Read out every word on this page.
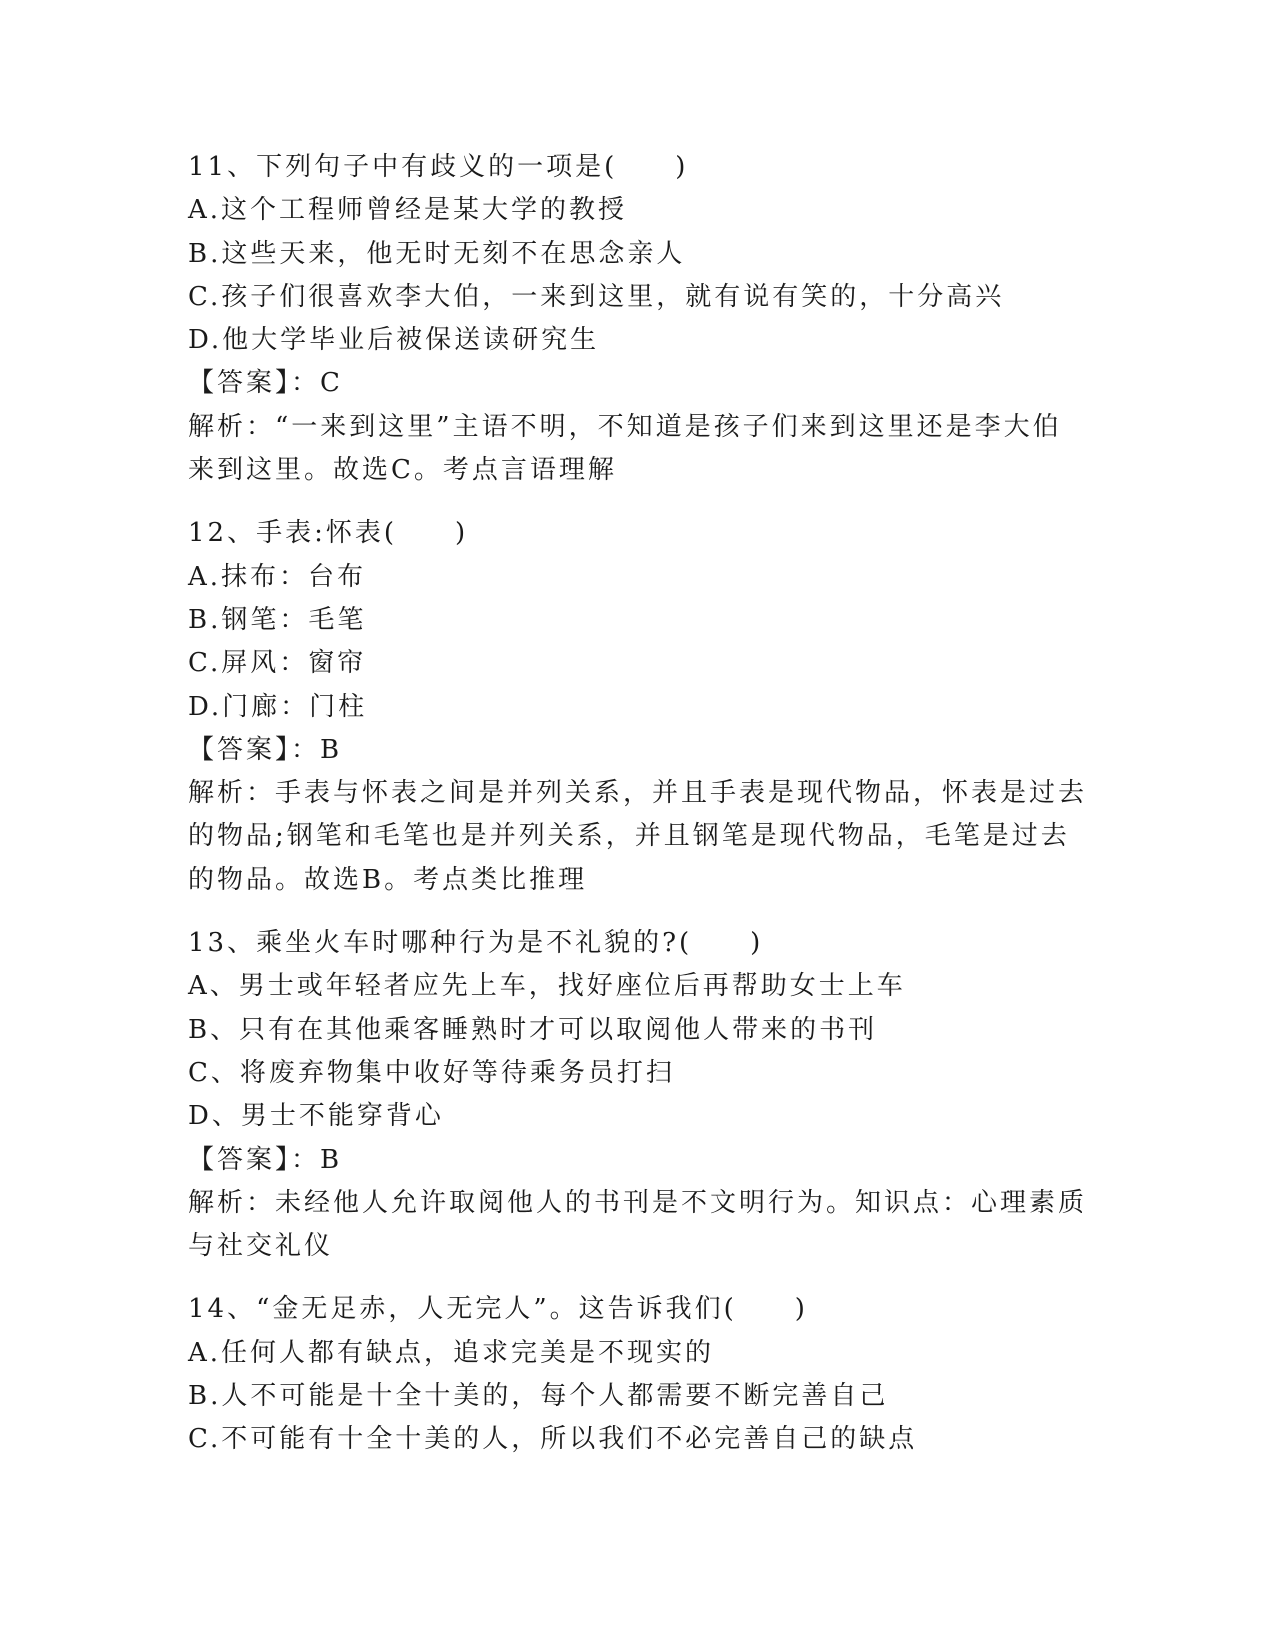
11、下列句子中有歧义的一项是(　　)
A.这个工程师曾经是某大学的教授
B.这些天来，他无时无刻不在思念亲人
C.孩子们很喜欢李大伯，一来到这里，就有说有笑的，十分高兴
D.他大学毕业后被保送读研究生
【答案】：C
解析：“一来到这里”主语不明，不知道是孩子们来到这里还是李大伯来到这里。故选C。考点言语理解
12、手表:怀表(　　)
A.抹布：台布
B.钢笔：毛笔
C.屏风：窗帘
D.门廊：门柱
【答案】：B
解析：手表与怀表之间是并列关系，并且手表是现代物品，怀表是过去的物品;钢笔和毛笔也是并列关系，并且钢笔是现代物品，毛笔是过去的物品。故选B。考点类比推理
13、乘坐火车时哪种行为是不礼貌的?(　　)
A、男士或年轻者应先上车，找好座位后再帮助女士上车
B、只有在其他乘客睡熟时才可以取阅他人带来的书刊
C、将废弃物集中收好等待乘务员打扫
D、男士不能穿背心
【答案】：B
解析：未经他人允许取阅他人的书刊是不文明行为。知识点：心理素质与社交礼仪
14、“金无足赤，人无完人”。这告诉我们(　　)
A.任何人都有缺点，追求完美是不现实的
B.人不可能是十全十美的，每个人都需要不断完善自己
C.不可能有十全十美的人，所以我们不必完善自己的缺点
